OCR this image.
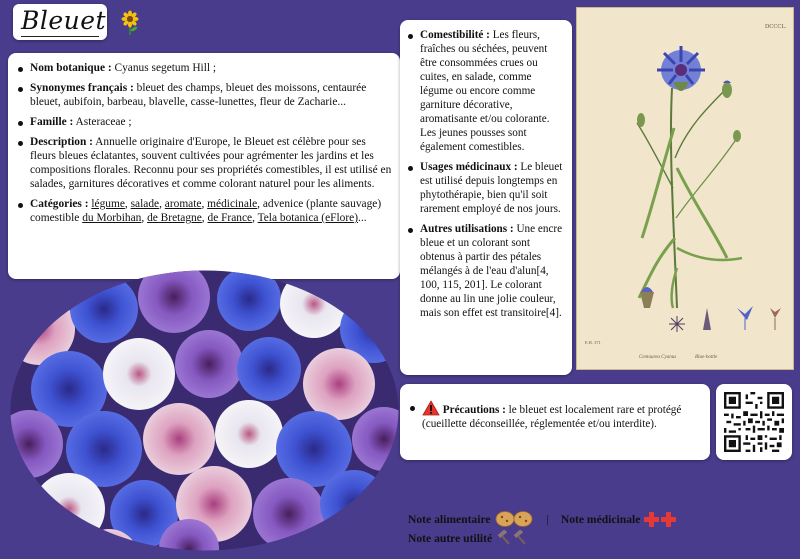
Bleuet
Nom botanique : Cyanus segetum Hill ;
Synonymes français : bleuet des champs, bleuet des moissons, centaurée bleuet, aubifoin, barbeau, blavelle, casse-lunettes, fleur de Zacharie...
Famille : Asteraceae ;
Description : Annuelle originaire d'Europe, le Bleuet est célèbre pour ses fleurs bleues éclatantes, souvent cultivées pour agrémenter les jardins et les compositions florales. Reconnu pour ses propriétés comestibles, il est utilisé en salades, garnitures décoratives et comme colorant naturel pour les aliments.
Catégories : légume, salade, aromate, médicinale, advenice (plante sauvage) comestible du Morbihan, de Bretagne, de France, Tela botanica (eFlore)...
Comestibilité : Les fleurs, fraîches ou séchées, peuvent être consommées crues ou cuites, en salade, comme légume ou encore comme garniture décorative, aromatisante et/ou colorante. Les jeunes pousses sont également comestibles.
Usages médicinaux : Le bleuet est utilisé depuis longtemps en phytothérapie, bien qu'il soit rarement employé de nos jours.
Autres utilisations : Une encre bleue et un colorant sont obtenus à partir des pétales mélangés à de l'eau d'alun[4, 100, 115, 201]. Le colorant donne au lin une jolie couleur, mais son effet est transitoire[4].
DCCCL.
E.B. 371
Centaurea Cyanus	Blue-bottle
Précautions : le bleuet est localement rare et protégé (cueillette déconseillée, réglementée et/ou interdite).
Note alimentaire	| Note médicinale
Note autre utilité
